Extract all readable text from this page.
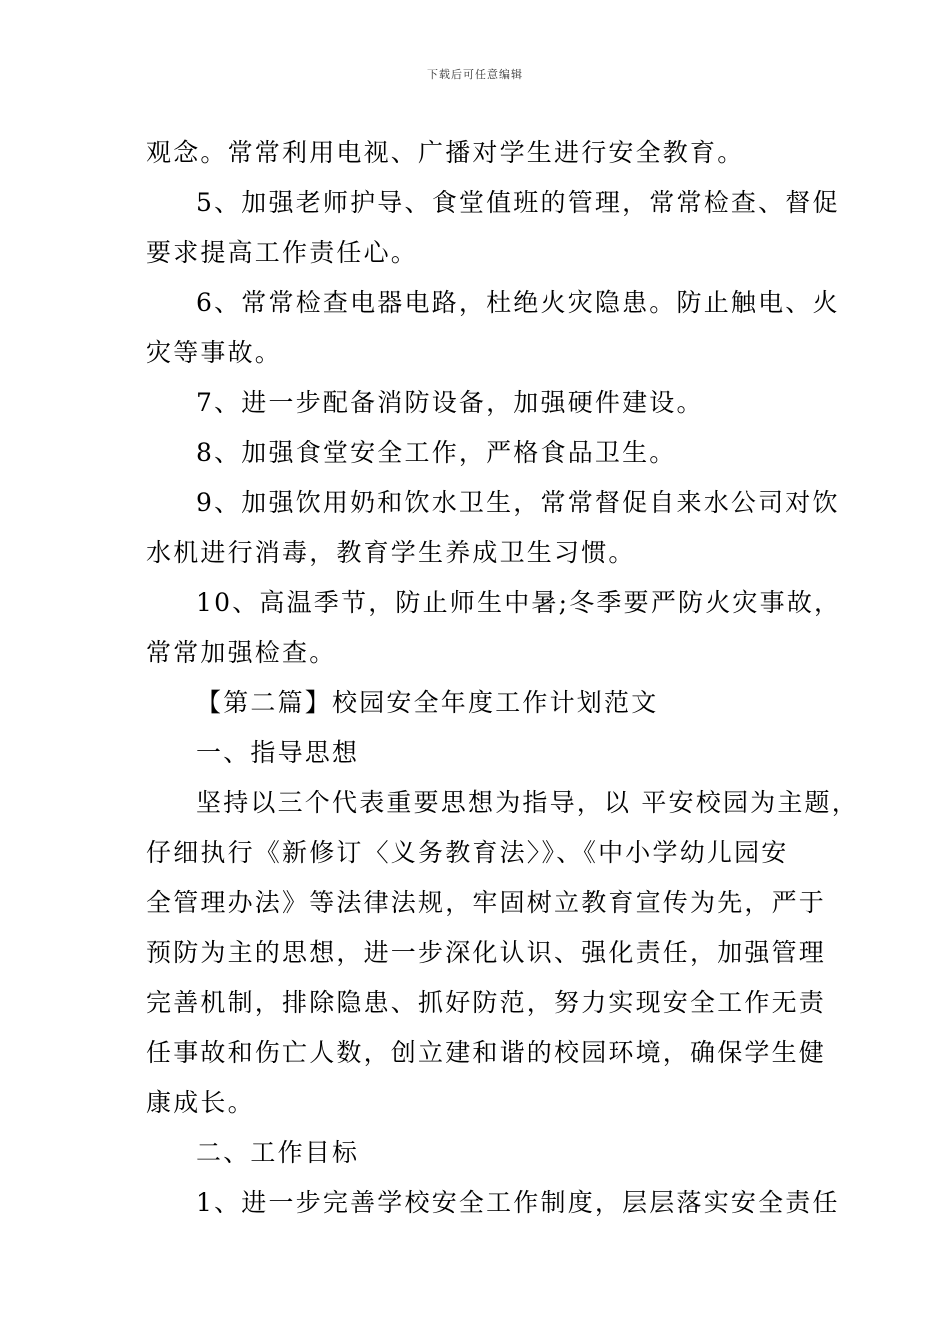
下载后可任意编辑

观念。常常利用电视、广播对学生进行安全教育。

5、加强老师护导、食堂值班的管理，常常检查、督促

要求提高工作责任心。

6、常常检查电器电路，杜绝火灾隐患。防止触电、火

灾等事故。

7、进一步配备消防设备，加强硬件建设。

8、加强食堂安全工作，严格食品卫生。

9、加强饮用奶和饮水卫生，常常督促自来水公司对饮

水机进行消毒，教育学生养成卫生习惯。

10、高温季节，防止师生中暑;冬季要严防火灾事故，

常常加强检查。

【第二篇】校园安全年度工作计划范文

一、指导思想

坚持以三个代表重要思想为指导，以 平安校园为主题，

仔细执行《新修订〈义务教育法〉》、《中小学幼儿园安

全管理办法》等法律法规，牢固树立教育宣传为先，严于

预防为主的思想，进一步深化认识、强化责任，加强管理

完善机制，排除隐患、抓好防范，努力实现安全工作无责

任事故和伤亡人数，创立建和谐的校园环境，确保学生健

康成长。

二、工作目标

1、进一步完善学校安全工作制度，层层落实安全责任
